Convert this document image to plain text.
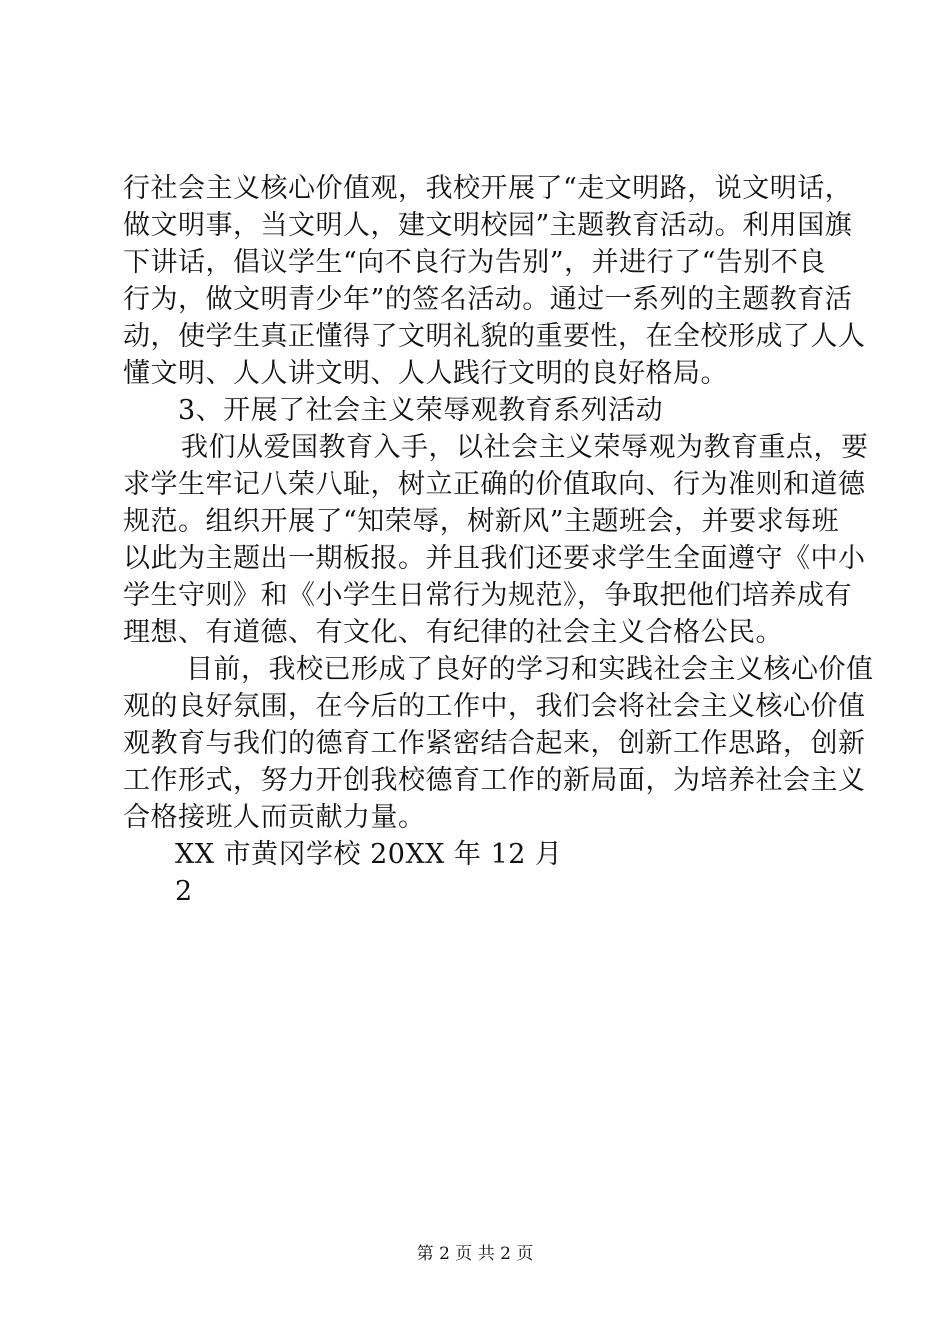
行社会主义核心价值观，我校开展了“走文明路，说文明话，
做文明事，当文明人，建文明校园”主题教育活动。利用国旗
下讲话，倡议学生“向不良行为告别”，并进行了“告别不良
行为，做文明青少年”的签名活动。通过一系列的主题教育活
动，使学生真正懂得了文明礼貌的重要性，在全校形成了人人
懂文明、人人讲文明、人人践行文明的良好格局。
3、开展了社会主义荣辱观教育系列活动
我们从爱国教育入手，以社会主义荣辱观为教育重点，要
求学生牢记八荣八耻，树立正确的价值取向、行为准则和道德
规范。组织开展了“知荣辱，树新风”主题班会，并要求每班
以此为主题出一期板报。并且我们还要求学生全面遵守《中小
学生守则》和《小学生日常行为规范》，争取把他们培养成有
理想、有道德、有文化、有纪律的社会主义合格公民。
目前，我校已形成了良好的学习和实践社会主义核心价值
观的良好氛围，在今后的工作中，我们会将社会主义核心价值
观教育与我们的德育工作紧密结合起来，创新工作思路，创新
工作形式，努力开创我校德育工作的新局面，为培养社会主义
合格接班人而贡献力量。
XX 市黄冈学校 20XX 年 12 月
2
第 2 页 共 2 页
